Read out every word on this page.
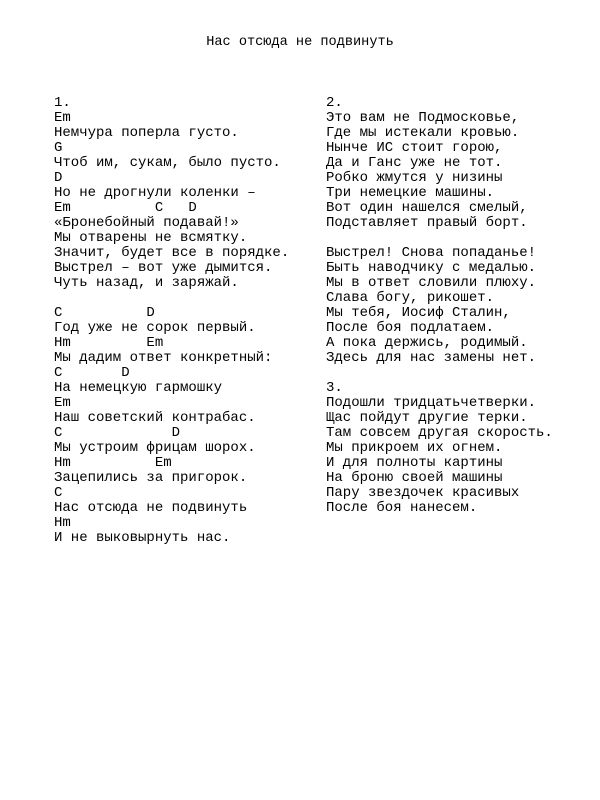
Нас отсюда не подвинуть
1.
Em
Немчура поперла густо.
G
Чтоб им, сукам, было пусто.
D
Но не дрогнули коленки –
Em          C   D
«Бронебойный подавай!»
Мы отварены не всмятку.
Значит, будет все в порядке.
Выстрел – вот уже дымится.
Чуть назад, и заряжай.
C          D
Год уже не сорок первый.
Hm         Em
Мы дадим ответ конкретный:
C       D
На немецкую гармошку
Em
Наш советский контрабас.
C             D
Мы устроим фрицам шорох.
Hm          Em
Зацепились за пригорок.
C
Нас отсюда не подвинуть
Hm
И не выковырнуть нас.
2.
Это вам не Подмосковье,
Где мы истекали кровью.
Нынче ИС стоит горою,
Да и Ганс уже не тот.
Робко жмутся у низины
Три немецкие машины.
Вот один нашелся смелый,
Подставляет правый борт.
Выстрел! Снова попаданье!
Быть наводчику с медалью.
Мы в ответ словили плюху.
Слава богу, рикошет.
Мы тебя, Иосиф Сталин,
После боя подлатаем.
А пока держись, родимый.
Здесь для нас замены нет.
3.
Подошли тридцатьчетверки.
Щас пойдут другие терки.
Там совсем другая скорость.
Мы прикроем их огнем.
И для полноты картины
На броню своей машины
Пару звездочек красивых
После боя нанесем.
